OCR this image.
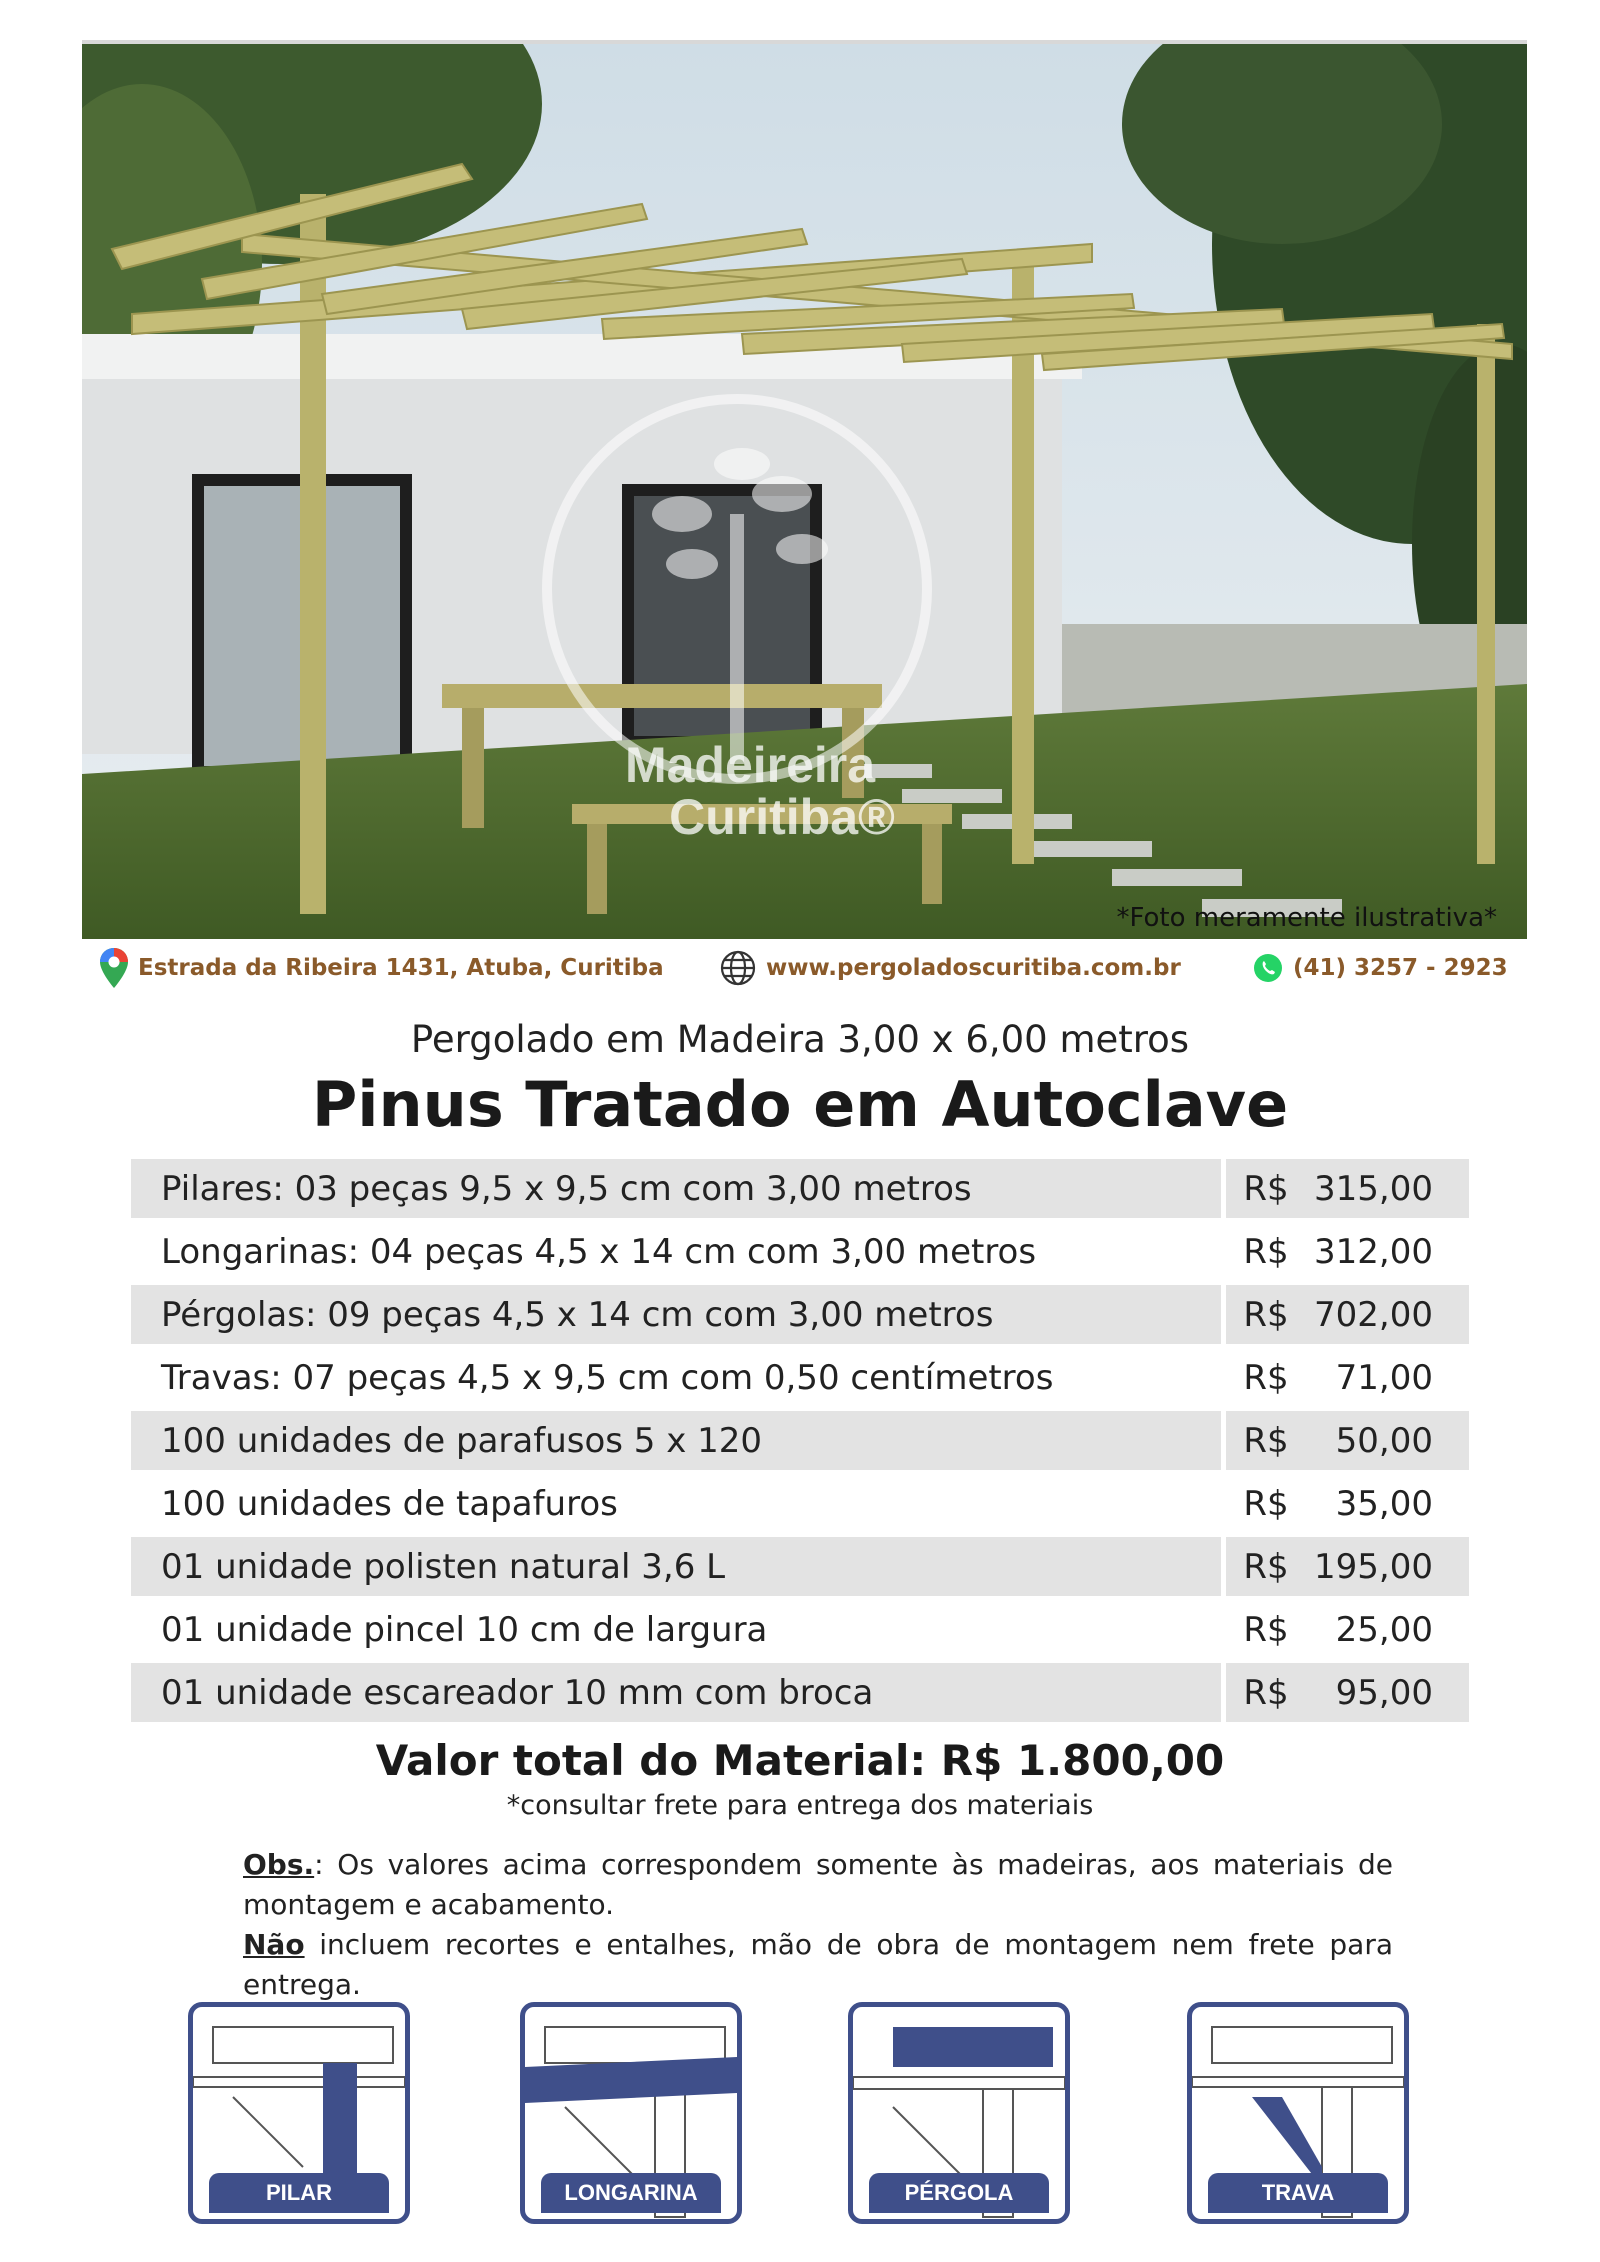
Madeireira
Curitiba®
*Foto meramente ilustrativa*
Estrada da Ribeira 1431, Atuba, Curitiba	www.pergoladoscuritiba.com.br	(41) 3257 - 2923
Pergolado em Madeira 3,00 x 6,00 metros
Pinus Tratado em Autoclave
Pilares: 03 peças 9,5 x 9,5 cm com 3,00 metros	R$ 315,00
Longarinas: 04 peças 4,5 x 14 cm com 3,00 metros	R$ 312,00
Pérgolas: 09 peças 4,5 x 14 cm com 3,00 metros	R$ 702,00
Travas: 07 peças 4,5 x 9,5 cm com 0,50 centímetros	R$	71,00
100 unidades de parafusos 5 x 120	R$	50,00
100 unidades de tapafuros	R$	35,00
01 unidade polisten natural 3,6 L	R$ 195,00
01 unidade pincel 10 cm de largura	R$	25,00
01 unidade escareador 10 mm com broca	R$	95,00
Valor total do Material: R$ 1.800,00
*consultar frete para entrega dos materiais
Obs.: Os valores acima correspondem somente às madeiras, aos materiais de montagem e acabamento.
Não incluem recortes e entalhes, mão de obra de montagem nem frete para entrega.
PILAR	LONGARINA	PÉRGOLA	TRAVA
